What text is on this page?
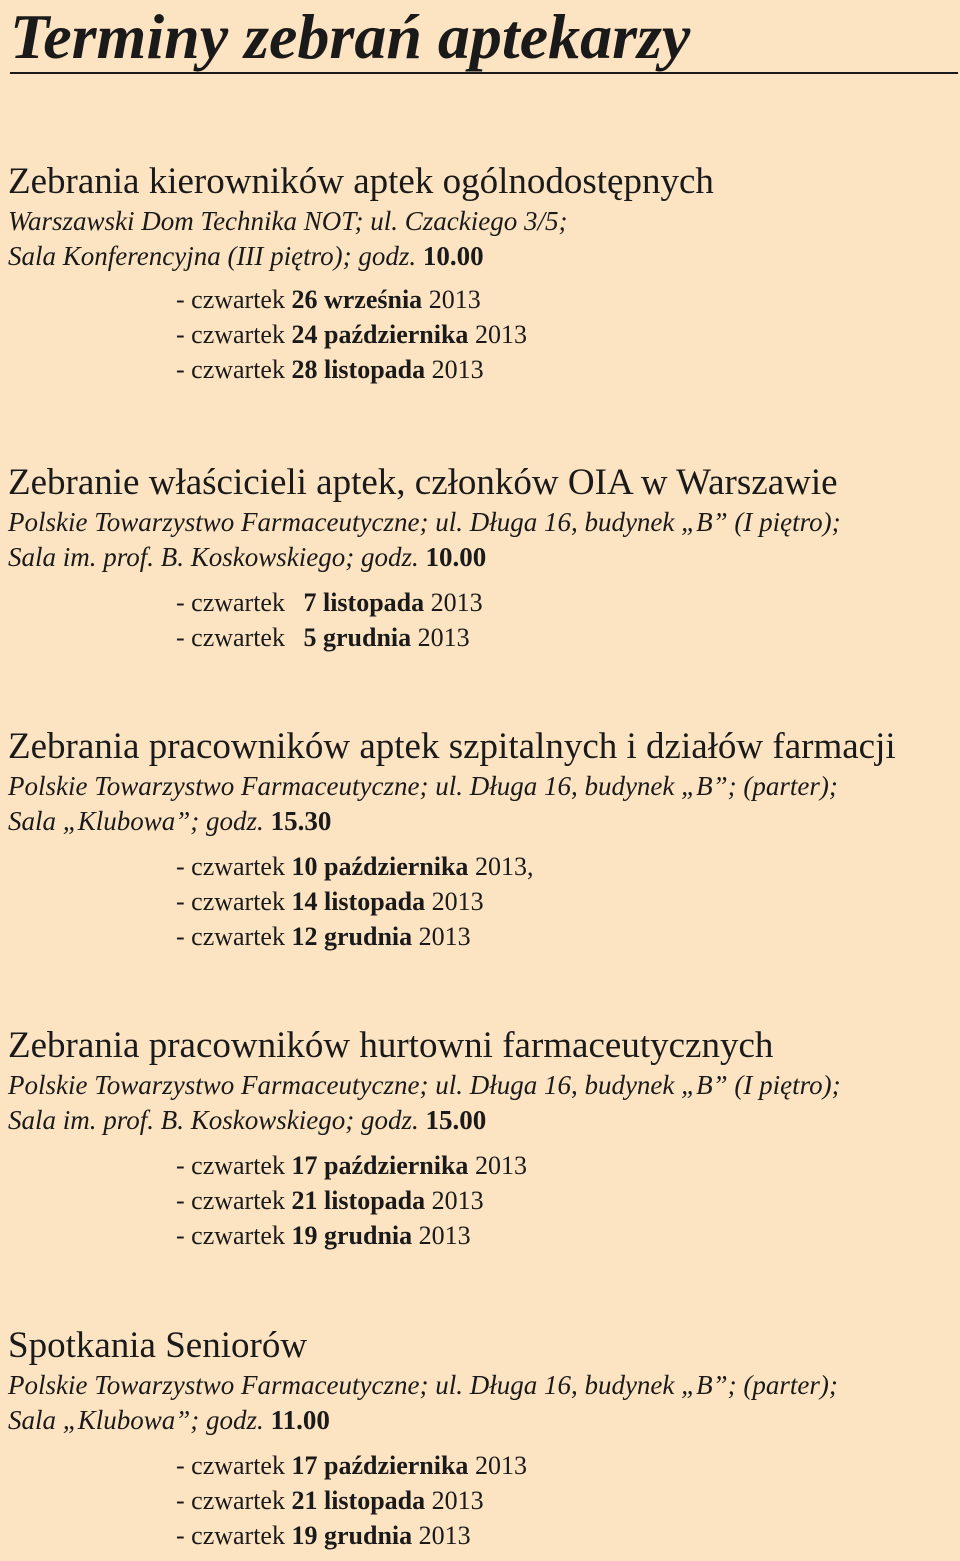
Terminy zebrań aptekarzy
Zebrania kierowników aptek ogólnodostępnych

Warszawski Dom Technika NOT; ul. Czackiego 3/5;

Sala Konferencyjna (III piętro); godz. 10.00

- czwartek 26 września 2013
- czwartek 24 października 2013
- czwartek 28 listopada 2013
Zebranie właścicieli aptek, członków OIA w Warszawie

Polskie Towarzystwo Farmaceutyczne; ul. Długa 16, budynek „B” (I piętro);

Sala im. prof. B. Koskowskiego; godz. 10.00

- czwartek 7 listopada 2013
- czwartek 5 grudnia 2013
Zebrania pracowników aptek szpitalnych i działów farmacji

Polskie Towarzystwo Farmaceutyczne; ul. Długa 16, budynek „B”; (parter);

Sala „Klubowa”; godz. 15.30

- czwartek 10 października 2013,
- czwartek 14 listopada 2013
- czwartek 12 grudnia 2013
Zebrania pracowników hurtowni farmaceutycznych

Polskie Towarzystwo Farmaceutyczne; ul. Długa 16, budynek „B” (I piętro);

Sala im. prof. B. Koskowskiego; godz. 15.00

- czwartek 17 października 2013
- czwartek 21 listopada 2013
- czwartek 19 grudnia 2013
Spotkania Seniorów

Polskie Towarzystwo Farmaceutyczne; ul. Długa 16, budynek „B”; (parter);

Sala „Klubowa”; godz. 11.00

- czwartek 17 października 2013
- czwartek 21 listopada 2013
- czwartek 19 grudnia 2013
